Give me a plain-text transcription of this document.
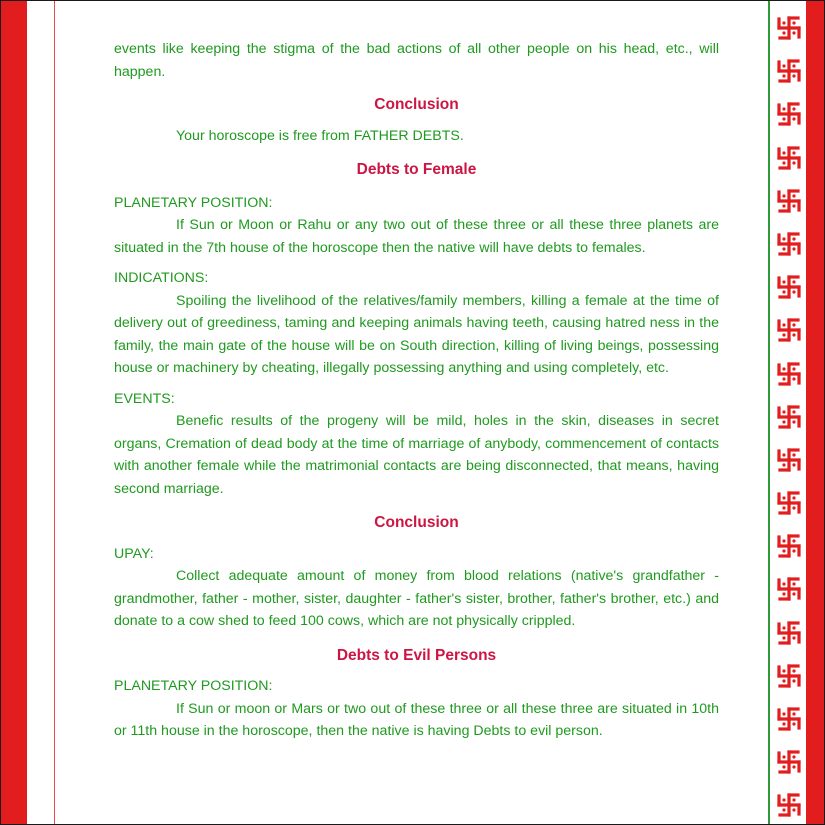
events like keeping the stigma of the bad actions of all other people on his head, etc., will happen.

Conclusion

Your horoscope is free from FATHER DEBTS.

Debts to Female

PLANETARY POSITION:

If Sun or Moon or Rahu or any two out of these three or all these three planets are situated in the 7th house of the horoscope then the native will have debts to females.

INDICATIONS:

Spoiling the livelihood of the relatives/family members, killing a female at the time of delivery out of greediness, taming and keeping animals having teeth, causing hatred ness in the family, the main gate of the house will be on South direction, killing of living beings, possessing house or machinery by cheating, illegally possessing anything and using completely, etc.

EVENTS:

Benefic results of the progeny will be mild, holes in the skin, diseases in secret organs, Cremation of dead body at the time of marriage of anybody, commencement of contacts with another female while the matrimonial contacts are being disconnected, that means, having second marriage.

Conclusion

UPAY:

Collect adequate amount of money from blood relations (native's grandfather - grandmother, father - mother, sister, daughter - father's sister, brother, father's brother, etc.) and donate to a cow shed to feed 100 cows, which are not physically crippled.

Debts to Evil Persons

PLANETARY POSITION:

If Sun or moon or Mars or two out of these three or all these three are situated in 10th or 11th house in the horoscope, then the native is having Debts to evil person.
